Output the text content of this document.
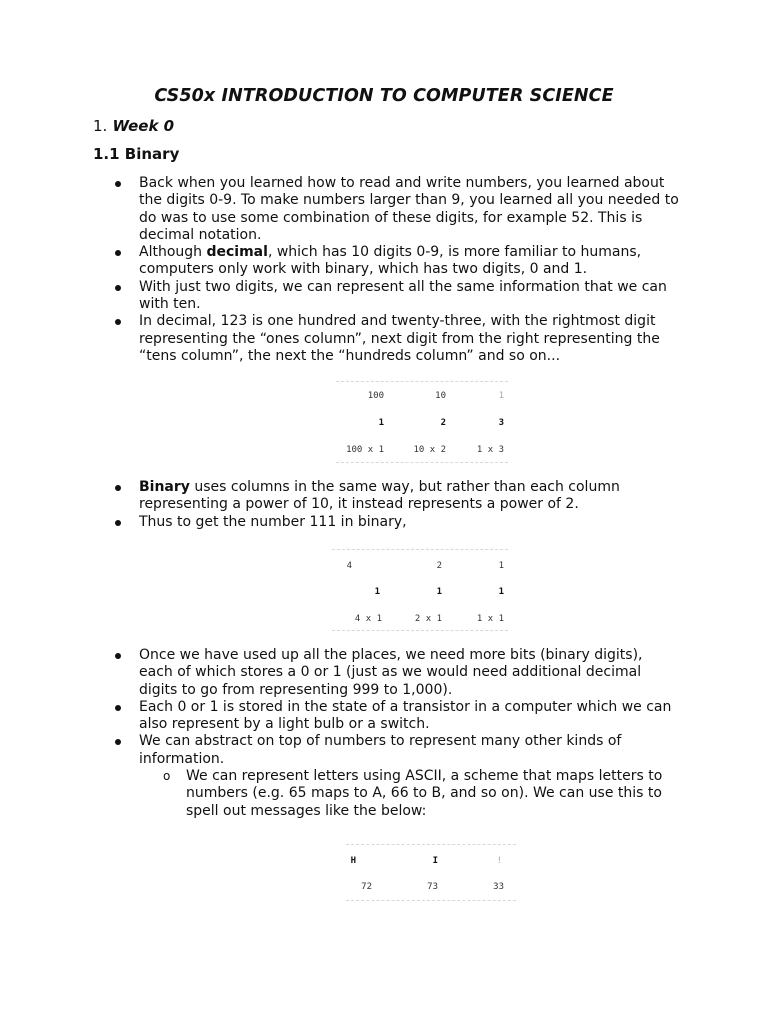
CS50x INTRODUCTION TO COMPUTER SCIENCE
1. Week 0
1.1 Binary
Back when you learned how to read and write numbers, you learned about the digits 0-9. To make numbers larger than 9, you learned all you needed to do was to use some combination of these digits, for example 52. This is decimal notation.
Although decimal, which has 10 digits 0-9, is more familiar to humans, computers only work with binary, which has two digits, 0 and 1.
With just two digits, we can represent all the same information that we can with ten.
In decimal, 123 is one hundred and twenty-three, with the rightmost digit representing the “ones column”, next digit from the right representing the “tens column”, the next the “hundreds column” and so on...
100	10	1
1	2	3
100 x 1	10 x 2	1 x 3
Binary uses columns in the same way, but rather than each column representing a power of 10, it instead represents a power of 2.
Thus to get the number 111 in binary,
4	2	1
1	1	1
4 x 1	2 x 1	1 x 1
Once we have used up all the places, we need more bits (binary digits), each of which stores a 0 or 1 (just as we would need additional decimal digits to go from representing 999 to 1,000).
Each 0 or 1 is stored in the state of a transistor in a computer which we can also represent by a light bulb or a switch.
We can abstract on top of numbers to represent many other kinds of information.
o We can represent letters using ASCII, a scheme that maps letters to numbers (e.g. 65 maps to A, 66 to B, and so on). We can use this to spell out messages like the below:
H	I	!
72	73	33
